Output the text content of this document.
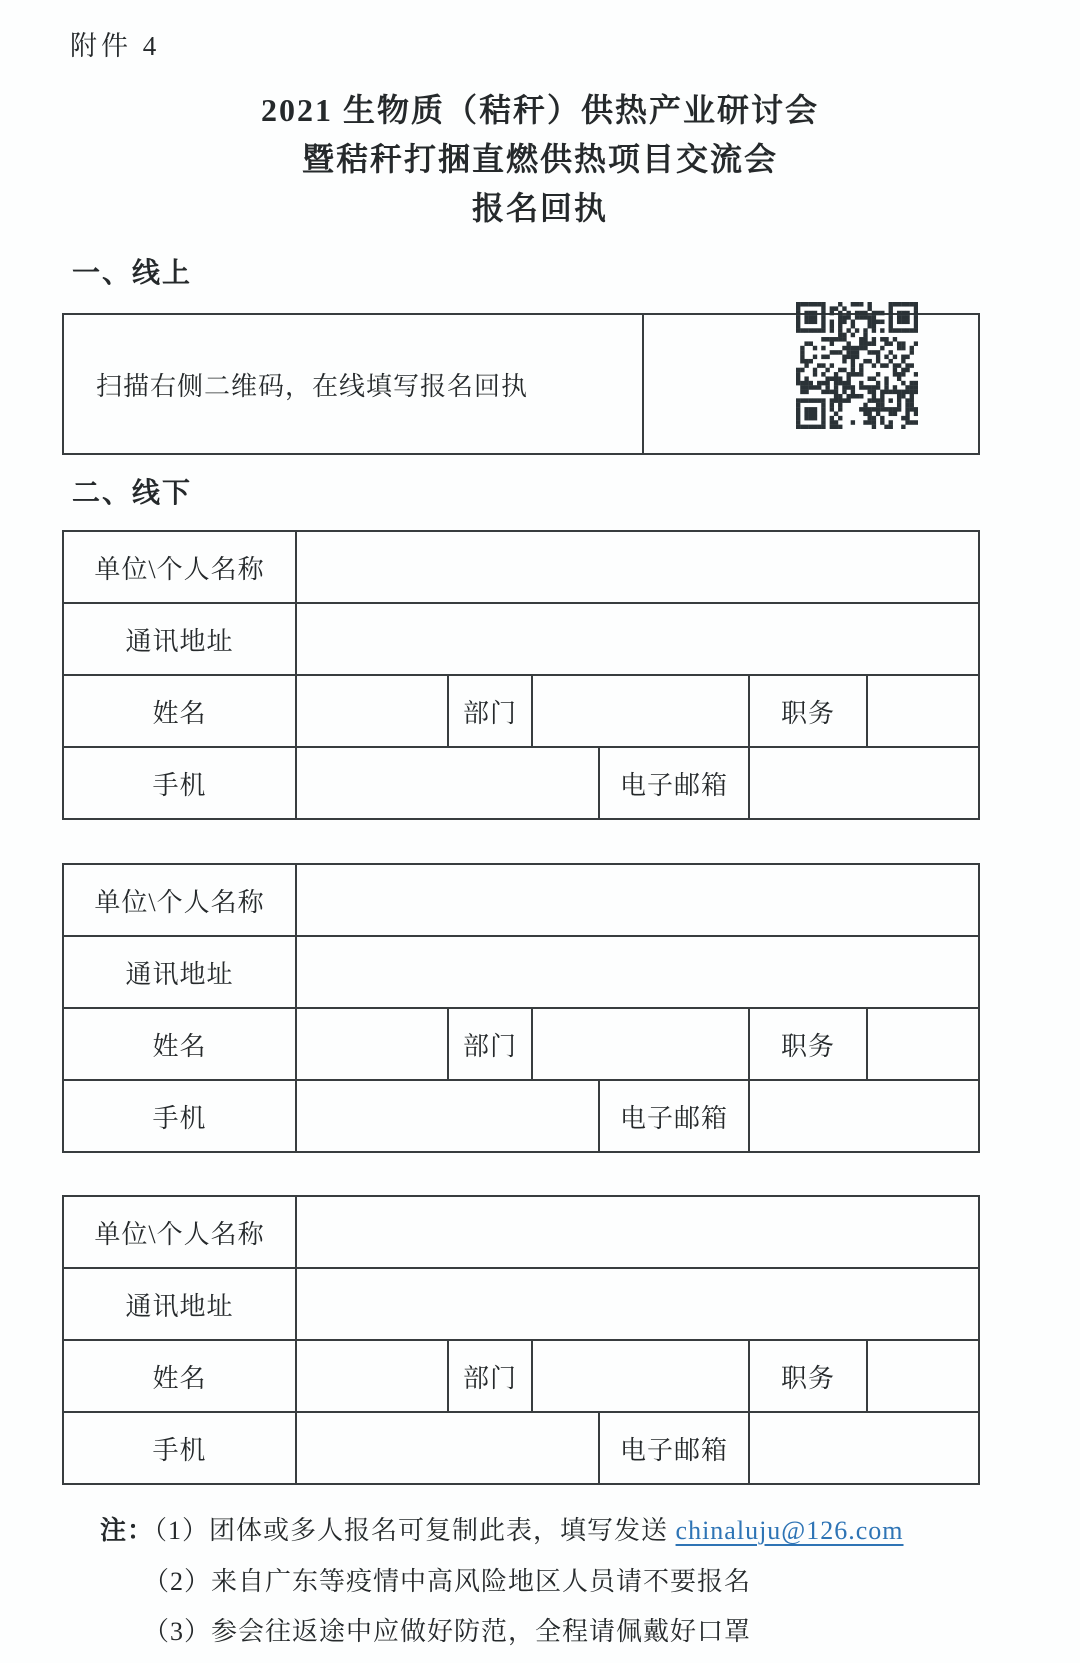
附件 4
2021 生物质（秸秆）供热产业研讨会
暨秸秆打捆直燃供热项目交流会
报名回执
一、线上
扫描右侧二维码，在线填写报名回执	
二、线下
单位\个人名称						
通讯地址						
姓名		部门			职务	
手机				电子邮箱		
单位\个人名称						
通讯地址						
姓名		部门			职务	
手机				电子邮箱		
单位\个人名称						
通讯地址						
姓名		部门			职务	
手机				电子邮箱		
注：（1）团体或多人报名可复制此表，填写发送 chinaluju@126.com
（2）来自广东等疫情中高风险地区人员请不要报名
（3）参会往返途中应做好防范，全程请佩戴好口罩
